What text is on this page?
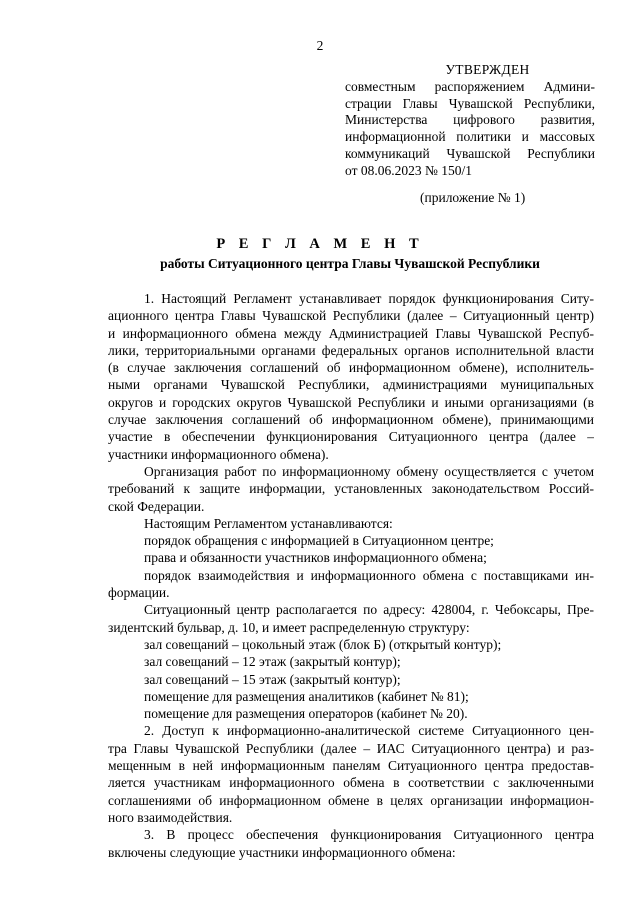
2
УТВЕРЖДЕН
совместным распоряжением Админи-
страции Главы Чувашской Республики,
Министерства цифрового развития,
информационной политики и массовых
коммуникаций Чувашской Республики
от 08.06.2023 № 150/1
(приложение № 1)
Р Е Г Л А М Е Н Т
работы Ситуационного центра Главы Чувашской Республики
1. Настоящий Регламент устанавливает порядок функционирования Ситу-
ационного центра Главы Чувашской Республики (далее – Ситуационный центр)
и информационного обмена между Администрацией Главы Чувашской Респуб-
лики, территориальными органами федеральных органов исполнительной власти
(в случае заключения соглашений об информационном обмене), исполнитель-
ными органами Чувашской Республики, администрациями муниципальных
округов и городских округов Чувашской Республики и иными организациями (в
случае заключения соглашений об информационном обмене), принимающими
участие в обеспечении функционирования Ситуационного центра (далее –
участники информационного обмена).
Организация работ по информационному обмену осуществляется с учетом
требований к защите информации, установленных законодательством Россий-
ской Федерации.
Настоящим Регламентом устанавливаются:
порядок обращения с информацией в Ситуационном центре;
права и обязанности участников информационного обмена;
порядок взаимодействия и информационного обмена с поставщиками ин-
формации.
Ситуационный центр располагается по адресу: 428004, г. Чебоксары, Пре-
зидентский бульвар, д. 10, и имеет распределенную структуру:
зал совещаний – цокольный этаж (блок Б) (открытый контур);
зал совещаний – 12 этаж (закрытый контур);
зал совещаний – 15 этаж (закрытый контур);
помещение для размещения аналитиков (кабинет № 81);
помещение для размещения операторов (кабинет № 20).
2. Доступ к информационно-аналитической системе Ситуационного цен-
тра Главы Чувашской Республики (далее – ИАС Ситуационного центра) и раз-
мещенным в ней информационным панелям Ситуационного центра предостав-
ляется участникам информационного обмена в соответствии с заключенными
соглашениями об информационном обмене в целях организации информацион-
ного взаимодействия.
3. В процесс обеспечения функционирования Ситуационного центра
включены следующие участники информационного обмена:
